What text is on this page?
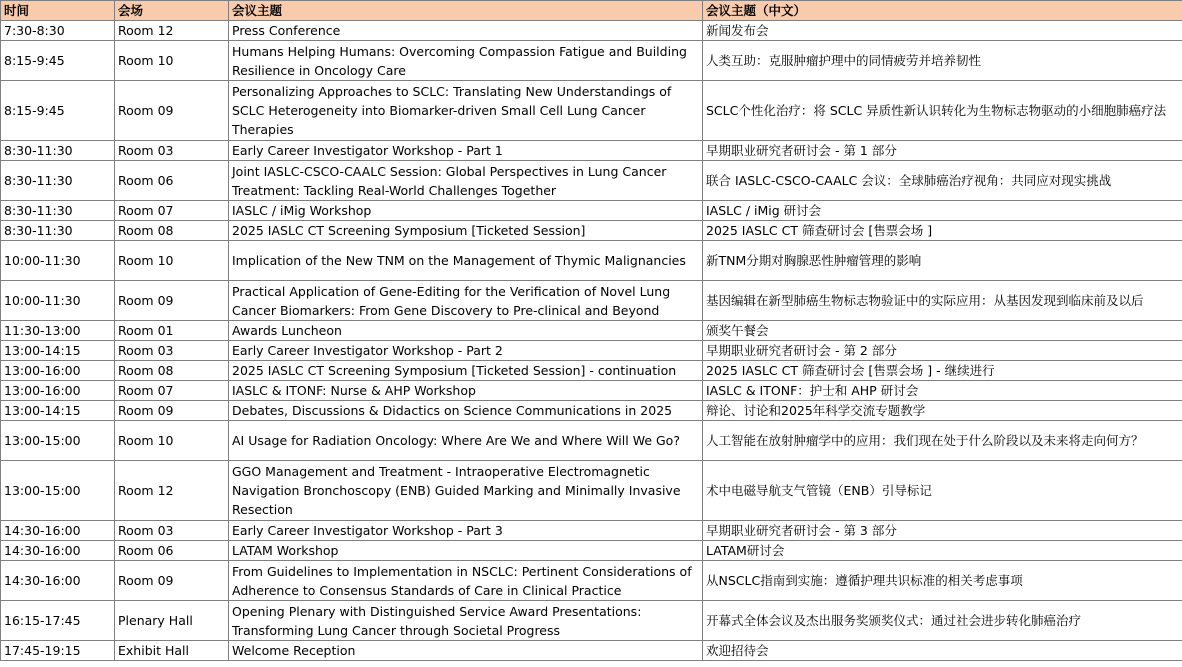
时间	会场	会议主题	会议主题（中文）
7:30-8:30	Room 12	Press Conference	新闻发布会
8:15-9:45	Room 10	Humans Helping Humans: Overcoming Compassion Fatigue and Building Resilience in Oncology Care	人类互助：克服肿瘤护理中的同情疲劳并培养韧性
8:15-9:45	Room 09	Personalizing Approaches to SCLC: Translating New Understandings of SCLC Heterogeneity into Biomarker-driven Small Cell Lung Cancer Therapies	SCLC个性化治疗：将 SCLC 异质性新认识转化为生物标志物驱动的小细胞肺癌疗法
8:30-11:30	Room 03	Early Career Investigator Workshop - Part 1	早期职业研究者研讨会 - 第 1 部分
8:30-11:30	Room 06	Joint IASLC-CSCO-CAALC Session: Global Perspectives in Lung Cancer Treatment: Tackling Real-World Challenges Together	联合 IASLC-CSCO-CAALC 会议：全球肺癌治疗视角：共同应对现实挑战
8:30-11:30	Room 07	IASLC / iMig Workshop	IASLC / iMig 研讨会
8:30-11:30	Room 08	2025 IASLC CT Screening Symposium [Ticketed Session]	2025 IASLC CT 筛查研讨会 [售票会场 ]
10:00-11:30	Room 10	Implication of the New TNM on the Management of Thymic Malignancies	新TNM分期对胸腺恶性肿瘤管理的影响
10:00-11:30	Room 09	Practical Application of Gene-Editing for the Verification of Novel Lung Cancer Biomarkers: From Gene Discovery to Pre-clinical and Beyond	基因编辑在新型肺癌生物标志物验证中的实际应用：从基因发现到临床前及以后
11:30-13:00	Room 01	Awards Luncheon	颁奖午餐会
13:00-14:15	Room 03	Early Career Investigator Workshop - Part 2	早期职业研究者研讨会 - 第 2 部分
13:00-16:00	Room 08	2025 IASLC CT Screening Symposium [Ticketed Session] - continuation	2025 IASLC CT 筛查研讨会 [售票会场 ] - 继续进行
13:00-16:00	Room 07	IASLC & ITONF: Nurse & AHP Workshop	IASLC & ITONF：护士和 AHP 研讨会
13:00-14:15	Room 09	Debates, Discussions & Didactics on Science Communications in 2025	辩论、讨论和2025年科学交流专题教学
13:00-15:00	Room 10	AI Usage for Radiation Oncology: Where Are We and Where Will We Go?	人工智能在放射肿瘤学中的应用：我们现在处于什么阶段以及未来将走向何方？
13:00-15:00	Room 12	GGO Management and Treatment - Intraoperative Electromagnetic Navigation Bronchoscopy (ENB) Guided Marking and Minimally Invasive Resection	术中电磁导航支气管镜（ENB）引导标记
14:30-16:00	Room 03	Early Career Investigator Workshop - Part 3	早期职业研究者研讨会 - 第 3 部分
14:30-16:00	Room 06	LATAM Workshop	LATAM研讨会
14:30-16:00	Room 09	From Guidelines to Implementation in NSCLC: Pertinent Considerations of Adherence to Consensus Standards of Care in Clinical Practice	从NSCLC指南到实施：遵循护理共识标准的相关考虑事项
16:15-17:45	Plenary Hall	Opening Plenary with Distinguished Service Award Presentations: Transforming Lung Cancer through Societal Progress	开幕式全体会议及杰出服务奖颁奖仪式：通过社会进步转化肺癌治疗
17:45-19:15	Exhibit Hall	Welcome Reception	欢迎招待会
